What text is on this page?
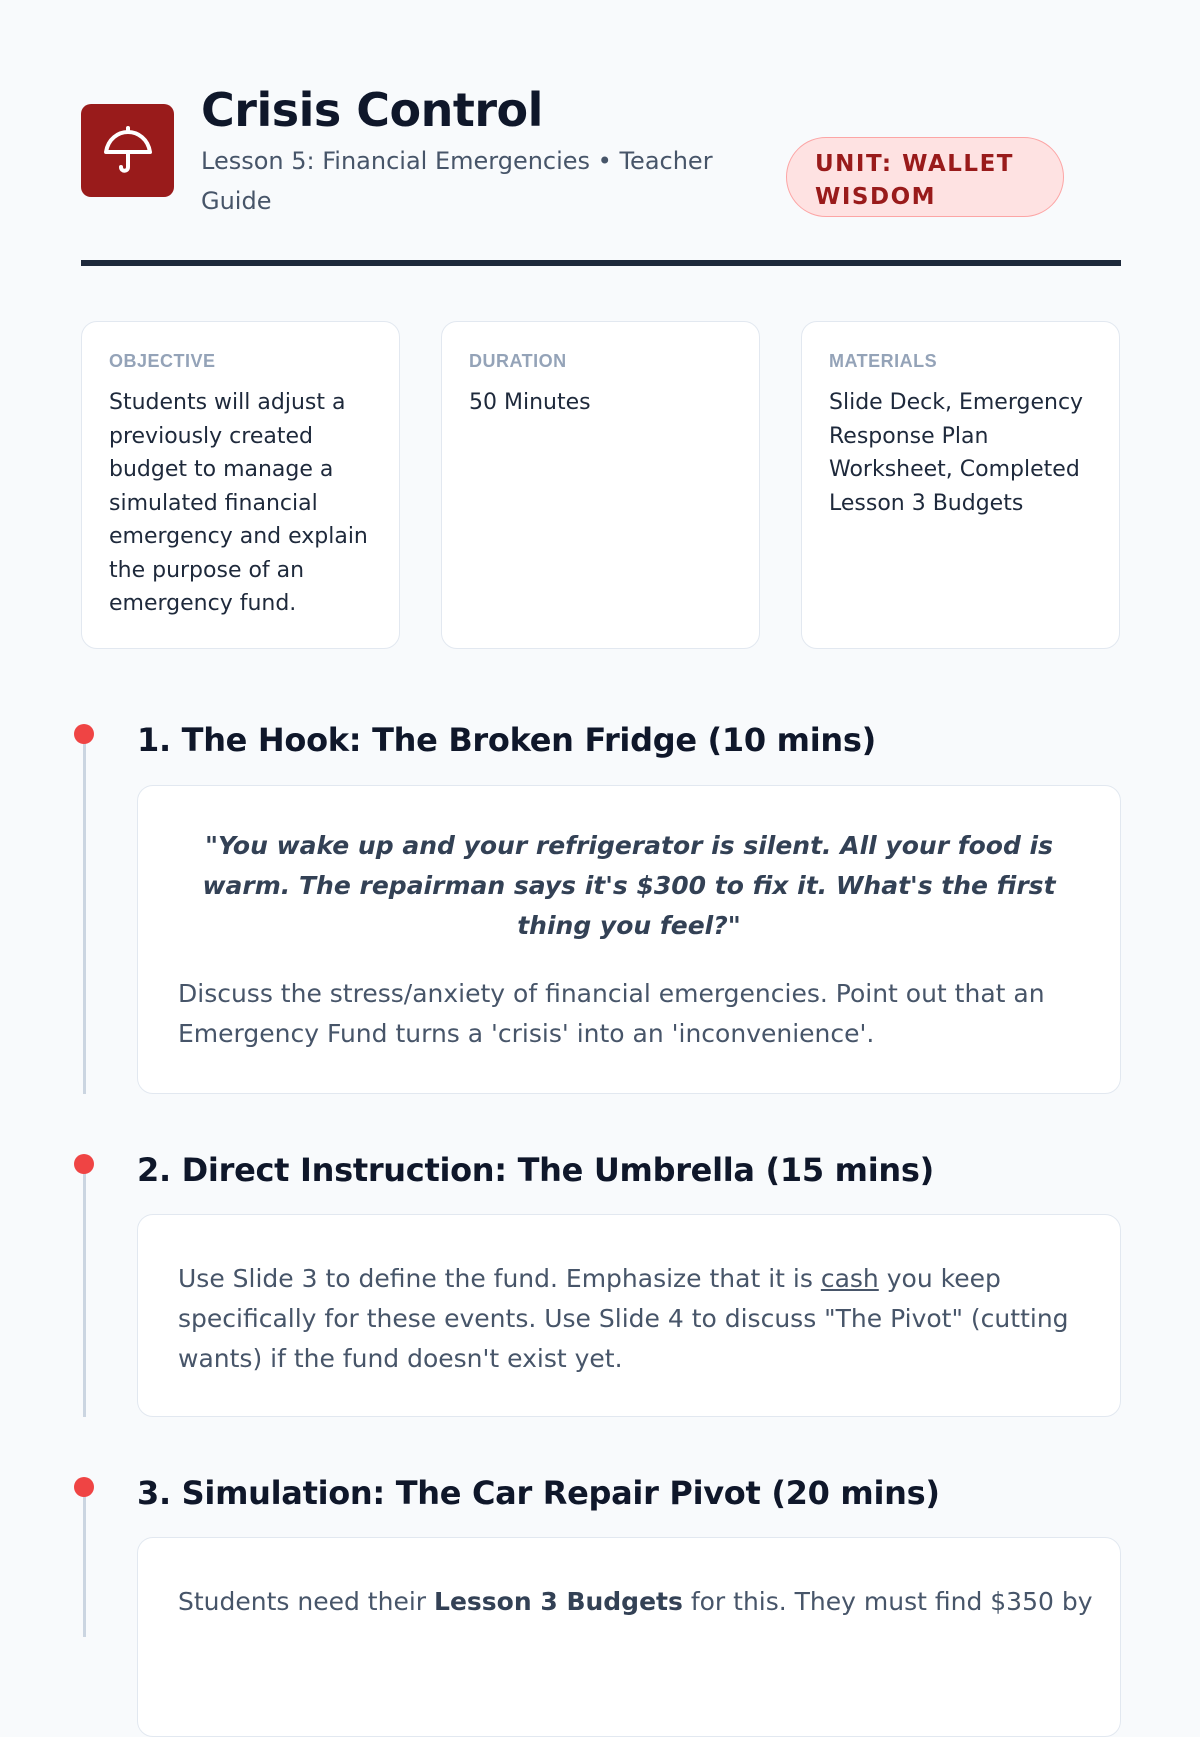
Crisis Control
Lesson 5: Financial Emergencies • Teacher Guide
UNIT: WALLET WISDOM
OBJECTIVE
Students will adjust a previously created budget to manage a simulated financial emergency and explain the purpose of an emergency fund.
DURATION
50 Minutes
MATERIALS
Slide Deck, Emergency Response Plan Worksheet, Completed Lesson 3 Budgets
1. The Hook: The Broken Fridge (10 mins)

"You wake up and your refrigerator is silent. All your food is warm. The repairman says it's $300 to fix it. What's the first thing you feel?"

Discuss the stress/anxiety of financial emergencies. Point out that an Emergency Fund turns a 'crisis' into an 'inconvenience'.

2. Direct Instruction: The Umbrella (15 mins)

Use Slide 3 to define the fund. Emphasize that it is cash you keep specifically for these events. Use Slide 4 to discuss "The Pivot" (cutting wants) if the fund doesn't exist yet.

3. Simulation: The Car Repair Pivot (20 mins)

Students need their Lesson 3 Budgets for this. They must find $350 by
